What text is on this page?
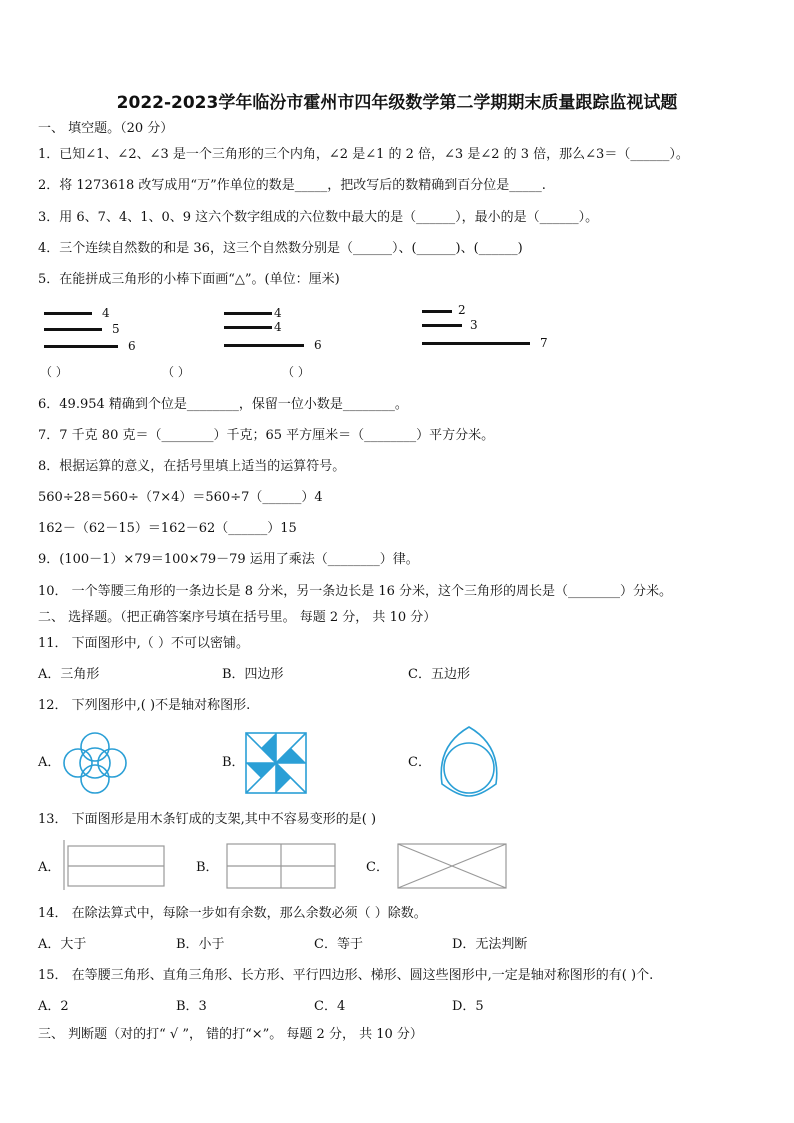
2022-2023学年临汾市霍州市四年级数学第二学期期末质量跟踪监视试题
一、 填空题。（20 分）
1．已知∠1、∠2、∠3 是一个三角形的三个内角，∠2 是∠1 的 2 倍，∠3 是∠2 的 3 倍，那么∠3＝（______）。
2．将 1273618 改写成用“万”作单位的数是_____，把改写后的数精确到百分位是_____.
3．用 6、7、4、1、0、9 这六个数字组成的六位数中最大的是（______），最小的是（______）。
4．三个连续自然数的和是 36，这三个自然数分别是（______）、(______)、(______)
5．在能拼成三角形的小棒下面画“△”。(单位：厘米)
4
5
6
（ ）
4
4
6
（ ）
2
3
7
（ ）
6．49.954 精确到个位是________，保留一位小数是________。
7．7 千克 80 克＝（________）千克；65 平方厘米＝（________）平方分米。
8．根据运算的意义，在括号里填上适当的运算符号。
560÷28＝560÷（7×4）＝560÷7（______）4
162－（62－15）＝162－62（______）15
9．(100－1）×79＝100×79－79 运用了乘法（________）律。
10． 一个等腰三角形的一条边长是 8 分米，另一条边长是 16 分米，这个三角形的周长是（________）分米。
二、 选择题。（把正确答案序号填在括号里。 每题 2 分， 共 10 分）
11． 下面图形中,（ ）不可以密铺。
A．三角形	B．四边形	C．五边形
12． 下列图形中,( )不是轴对称图形.
A．	B．	C．
13． 下面图形是用木条钉成的支架,其中不容易变形的是( )
A．	B．	C．
14． 在除法算式中，每除一步如有余数，那么余数必须（ ）除数。
A．大于	B．小于	C．等于	D．无法判断
15． 在等腰三角形、直角三角形、长方形、平行四边形、梯形、圆这些图形中,一定是轴对称图形的有( )个.
A．2	B．3	C．4	D．5
三、 判断题（对的打“ √ ”， 错的打“×”。 每题 2 分， 共 10 分）
